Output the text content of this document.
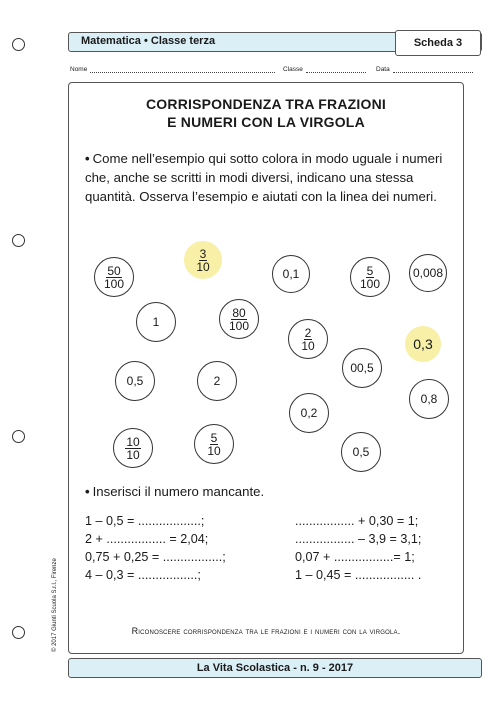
Matematica • Classe terza	Scheda 3
Nome	Classe	Data
CORRISPONDENZA TRA FRAZIONI
E NUMERI CON LA VIRGOLA
• Come nell’esempio qui sotto colora in modo uguale i numeri che, anche se scritti in modi diversi, indicano una stessa quantità. Osserva l’esempio e aiutati con la linea dei numeri.
$\frac{50}{100}$
$\frac{3}{10}$
0,1	$\frac{5}{100}$	0,008
1	$\frac{80}{100}$
$\frac{2}{10}$	0,3
00,5
0,5	2
0,8
0,2
$\frac{10}{10}$	$\frac{5}{10}$	0,5
• Inserisci il numero mancante.
1 – 0,5 = ..................;	................. + 0,30 = 1;
2 + ................. = 2,04;	................. – 3,9 = 3,1;
0,75 + 0,25 = .................;	0,07 + .................= 1;
4 – 0,3 = .................;	1 – 0,45 = ................. .
Riconoscere corrispondenza tra le frazioni e i numeri con la virgola.
La Vita Scolastica - n. 9 - 2017
© 2017 Giunti Scuola S.r.l., Firenze
